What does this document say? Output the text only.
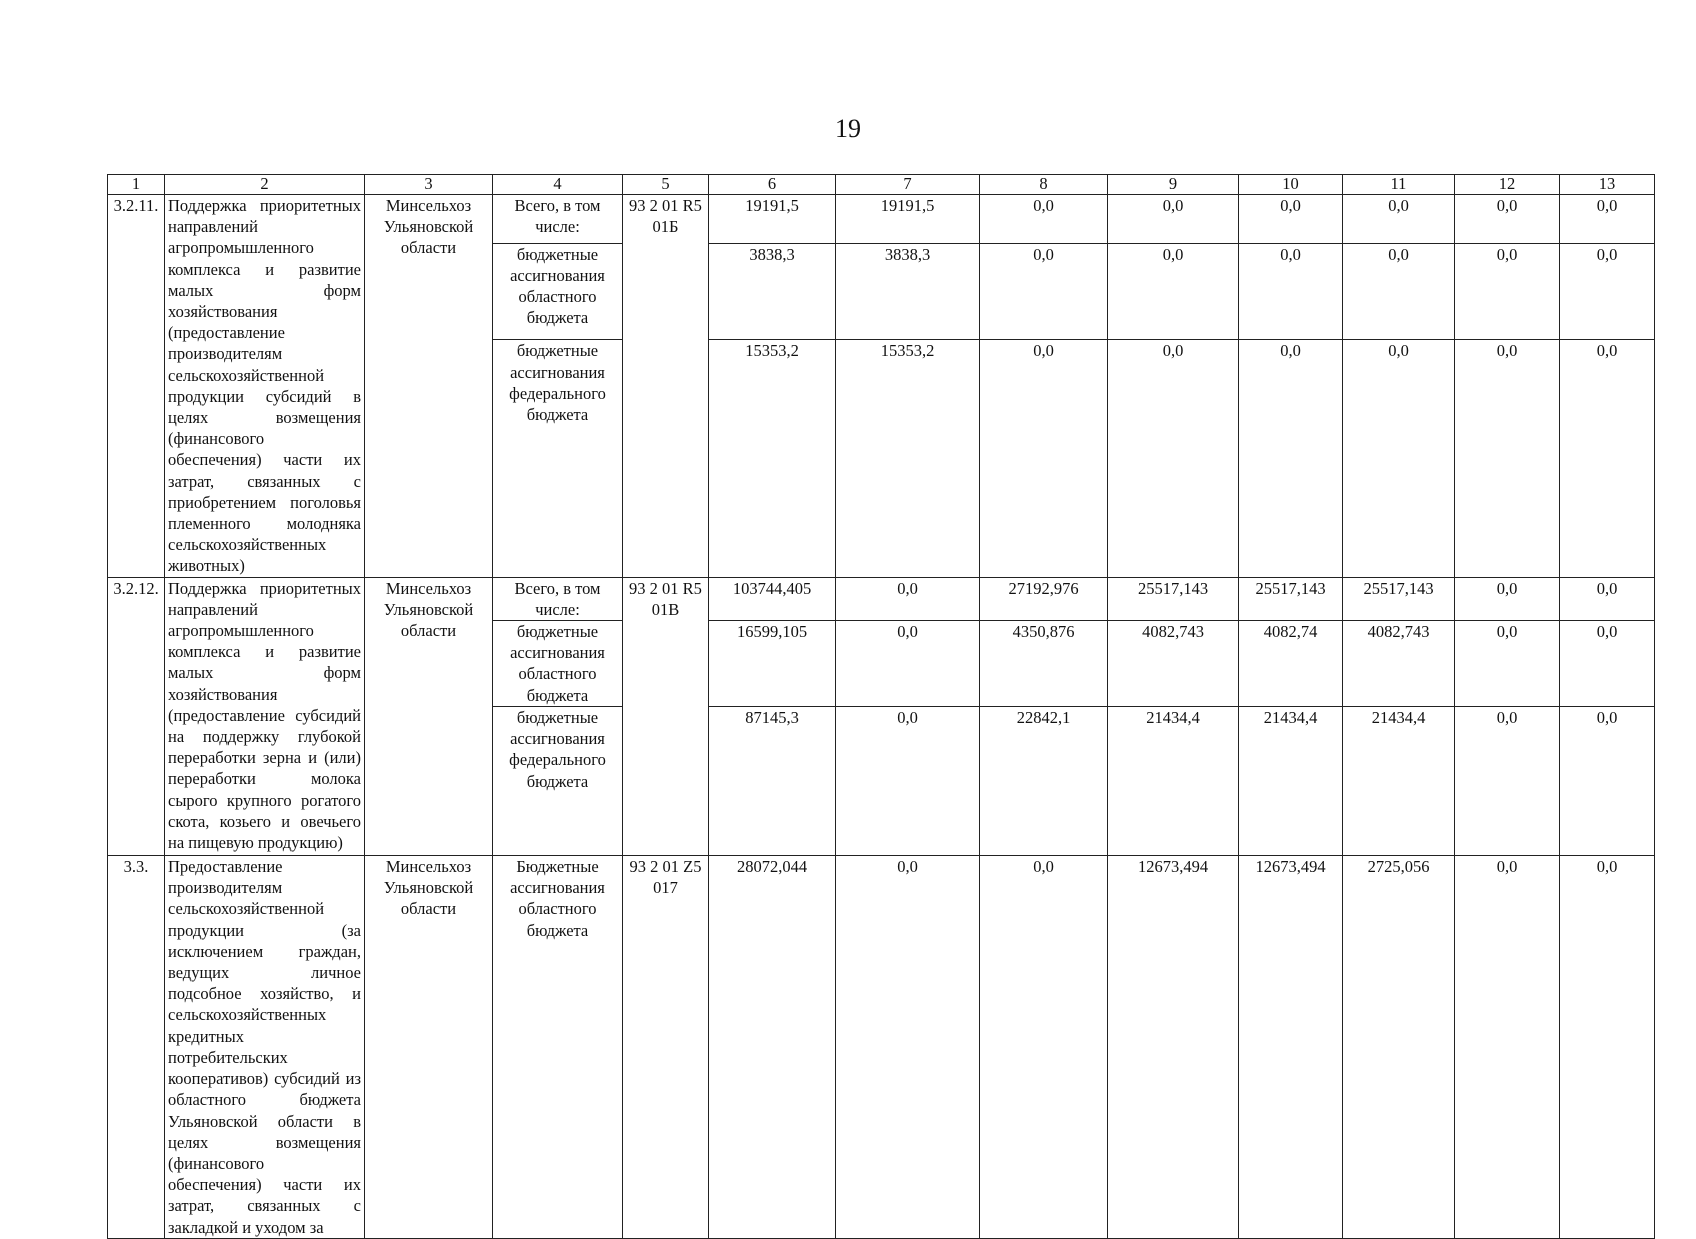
19
1	2	3	4	5	6	7	8	9	10	11	12	13
3.2.11.	Поддержка приоритетных направлений агропромышленного комплекса и развитие малых форм хозяйствования (предоставление производителям сельскохозяйственной продукции субсидий в целях возмещения (финансового обеспечения) части их затрат, связанных с приобретением поголовья племенного молодняка сельскохозяйственных животных)	Минсельхоз Ульяновской области	Всего, в том числе:	93 2 01 R501Б	19191,5	19191,5	0,0	0,0	0,0	0,0	0,0	0,0
			бюджетные ассигнования областного бюджета		3838,3	3838,3	0,0	0,0	0,0	0,0	0,0	0,0
			бюджетные ассигнования федерального бюджета		15353,2	15353,2	0,0	0,0	0,0	0,0	0,0	0,0
3.2.12.	Поддержка приоритетных направлений агропромышленного комплекса и развитие малых форм хозяйствования (предоставление субсидий на поддержку глубокой переработки зерна и (или) переработки молока сырого крупного рогатого скота, козьего и овечьего на пищевую продукцию)	Минсельхоз Ульяновской области	Всего, в том числе:	93 2 01 R501В	103744,405	0,0	27192,976	25517,143	25517,143	25517,143	0,0	0,0
			бюджетные ассигнования областного бюджета		16599,105	0,0	4350,876	4082,743	4082,74	4082,743	0,0	0,0
			бюджетные ассигнования федерального бюджета		87145,3	0,0	22842,1	21434,4	21434,4	21434,4	0,0	0,0
3.3.	Предоставление производителям сельскохозяйственной продукции (за исключением граждан, ведущих личное подсобное хозяйство, и сельскохозяйственных кредитных потребительских кооперативов) субсидий из областного бюджета Ульяновской области в целях возмещения (финансового обеспечения) части их затрат, связанных с закладкой и уходом за	Минсельхоз Ульяновской области	Бюджетные ассигнования областного бюджета	93 2 01 Z5017	28072,044	0,0	0,0	12673,494	12673,494	2725,056	0,0	0,0
